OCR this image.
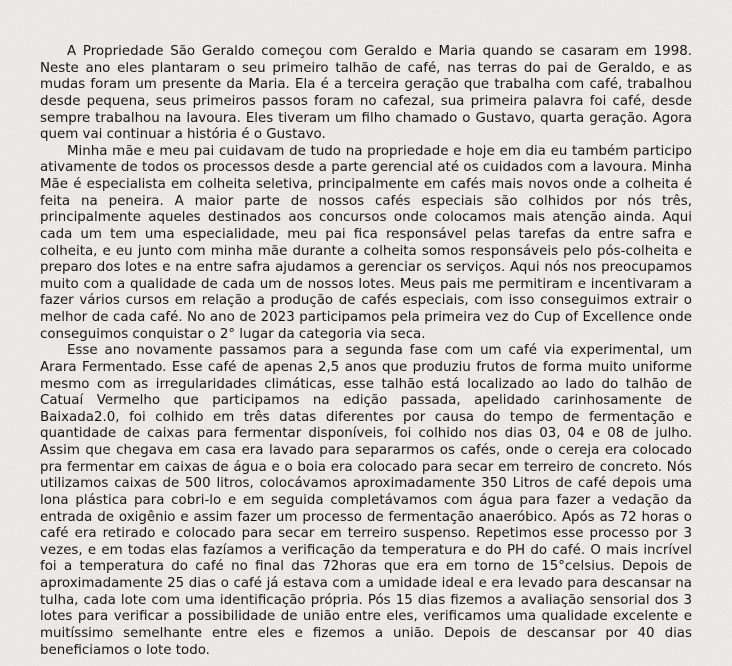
A Propriedade São Geraldo começou com Geraldo e Maria quando se casaram em 1998. Neste ano eles plantaram o seu primeiro talhão de café, nas terras do pai de Geraldo, e as mudas foram um presente da Maria. Ela é a terceira geração que trabalha com café, trabalhou desde pequena, seus primeiros passos foram no cafezal, sua primeira palavra foi café, desde sempre trabalhou na lavoura. Eles tiveram um filho chamado o Gustavo, quarta geração. Agora quem vai continuar a história é o Gustavo.

Minha mãe e meu pai cuidavam de tudo na propriedade e hoje em dia eu também participo ativamente de todos os processos desde a parte gerencial até os cuidados com a lavoura. Minha Mãe é especialista em colheita seletiva, principalmente em cafés mais novos onde a colheita é feita na peneira. A maior parte de nossos cafés especiais são colhidos por nós três, principalmente aqueles destinados aos concursos onde colocamos mais atenção ainda. Aqui cada um tem uma especialidade, meu pai fica responsável pelas tarefas da entre safra e colheita, e eu junto com minha mãe durante a colheita somos responsáveis pelo pós-colheita e preparo dos lotes e na entre safra ajudamos a gerenciar os serviços. Aqui nós nos preocupamos muito com a qualidade de cada um de nossos lotes. Meus pais me permitiram e incentivaram a fazer vários cursos em relação a produção de cafés especiais, com isso conseguimos extrair o melhor de cada café. No ano de 2023 participamos pela primeira vez do Cup of Excellence onde conseguimos conquistar o 2° lugar da categoria via seca.

Esse ano novamente passamos para a segunda fase com um café via experimental, um Arara Fermentado. Esse café de apenas 2,5 anos que produziu frutos de forma muito uniforme mesmo com as irregularidades climáticas, esse talhão está localizado ao lado do talhão de Catuaí Vermelho que participamos na edição passada, apelidado carinhosamente de Baixada2.0, foi colhido em três datas diferentes por causa do tempo de fermentação e quantidade de caixas para fermentar disponíveis, foi colhido nos dias 03, 04 e 08 de julho. Assim que chegava em casa era lavado para separarmos os cafés, onde o cereja era colocado pra fermentar em caixas de água e o boia era colocado para secar em terreiro de concreto. Nós utilizamos caixas de 500 litros, colocávamos aproximadamente 350 Litros de café depois uma lona plástica para cobri-lo e em seguida completávamos com água para fazer a vedação da entrada de oxigênio e assim fazer um processo de fermentação anaeróbico. Após as 72 horas o café era retirado e colocado para secar em terreiro suspenso. Repetimos esse processo por 3 vezes, e em todas elas fazíamos a verificação da temperatura e do PH do café. O mais incrível foi a temperatura do café no final das 72horas que era em torno de 15°celsius. Depois de aproximadamente 25 dias o café já estava com a umidade ideal e era levado para descansar na tulha, cada lote com uma identificação própria. Pós 15 dias fizemos a avaliação sensorial dos 3 lotes para verificar a possibilidade de união entre eles, verificamos uma qualidade excelente e muitíssimo semelhante entre eles e fizemos a união. Depois de descansar por 40 dias beneficiamos o lote todo.
